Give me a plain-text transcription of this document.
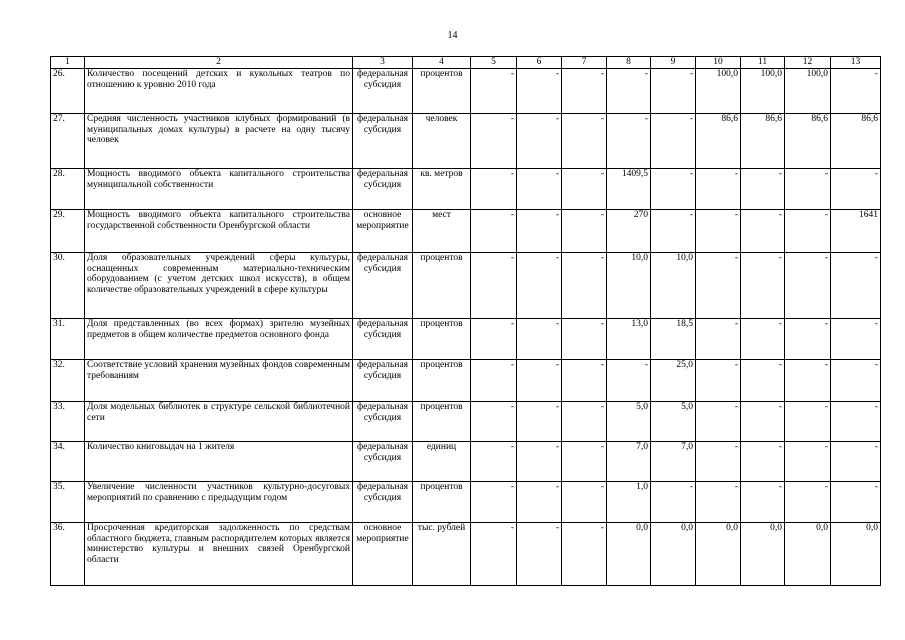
14
1	2	3	4	5	6	7	8	9	10	11	12	13
26.	Количество посещений детских и кукольных театров по отношению к уровню 2010 года	федеральная субсидия	процентов	-	-	-	-	-	100,0	100,0	100,0	-
27.	Средняя численность участников клубных формирований (в муниципальных домах культуры) в расчете на одну тысячу человек	федеральная субсидия	человек	-	-	-	-	-	86,6	86,6	86,6	86,6
28.	Мощность вводимого объекта капитального строительства муниципальной собственности	федеральная субсидия	кв. метров	-	-	-	1409,5	-	-	-	-	-
29.	Мощность вводимого объекта капитального строительства государственной собственности Оренбургской области	основное мероприятие	мест	-	-	-	270	-	-	-	-	1641
30.	Доля образовательных учреждений сферы культуры, оснащенных современным материально-техническим оборудованием (с учетом детских школ искусств), в общем количестве образовательных учреждений в сфере культуры	федеральная субсидия	процентов	-	-	-	10,0	10,0	-	-	-	-
31.	Доля представленных (во всех формах) зрителю музейных предметов в общем количестве предметов основного фонда	федеральная субсидия	процентов	-	-	-	13,0	18,5	-	-	-	-
32.	Соответствие условий хранения музейных фондов современным требованиям	федеральная субсидия	процентов	-	-	-	-	25,0	-	-	-	-
33.	Доля модельных библиотек в структуре сельской библиотечной сети	федеральная субсидия	процентов	-	-	-	5,0	5,0	-	-	-	-
34.	Количество книговыдач на 1 жителя	федеральная субсидия	единиц	-	-	-	7,0	7,0	-	-	-	-
35.	Увеличение численности участников культурно-досуговых мероприятий по сравнению с предыдущим годом	федеральная субсидия	процентов	-	-	-	1,0	-	-	-	-	-
36.	Просроченная кредиторская задолженность по средствам областного бюджета, главным распорядителем которых является министерство культуры и внешних связей Оренбургской области	основное мероприятие	тыс. рублей	-	-	-	0,0	0,0	0,0	0,0	0,0	0,0
